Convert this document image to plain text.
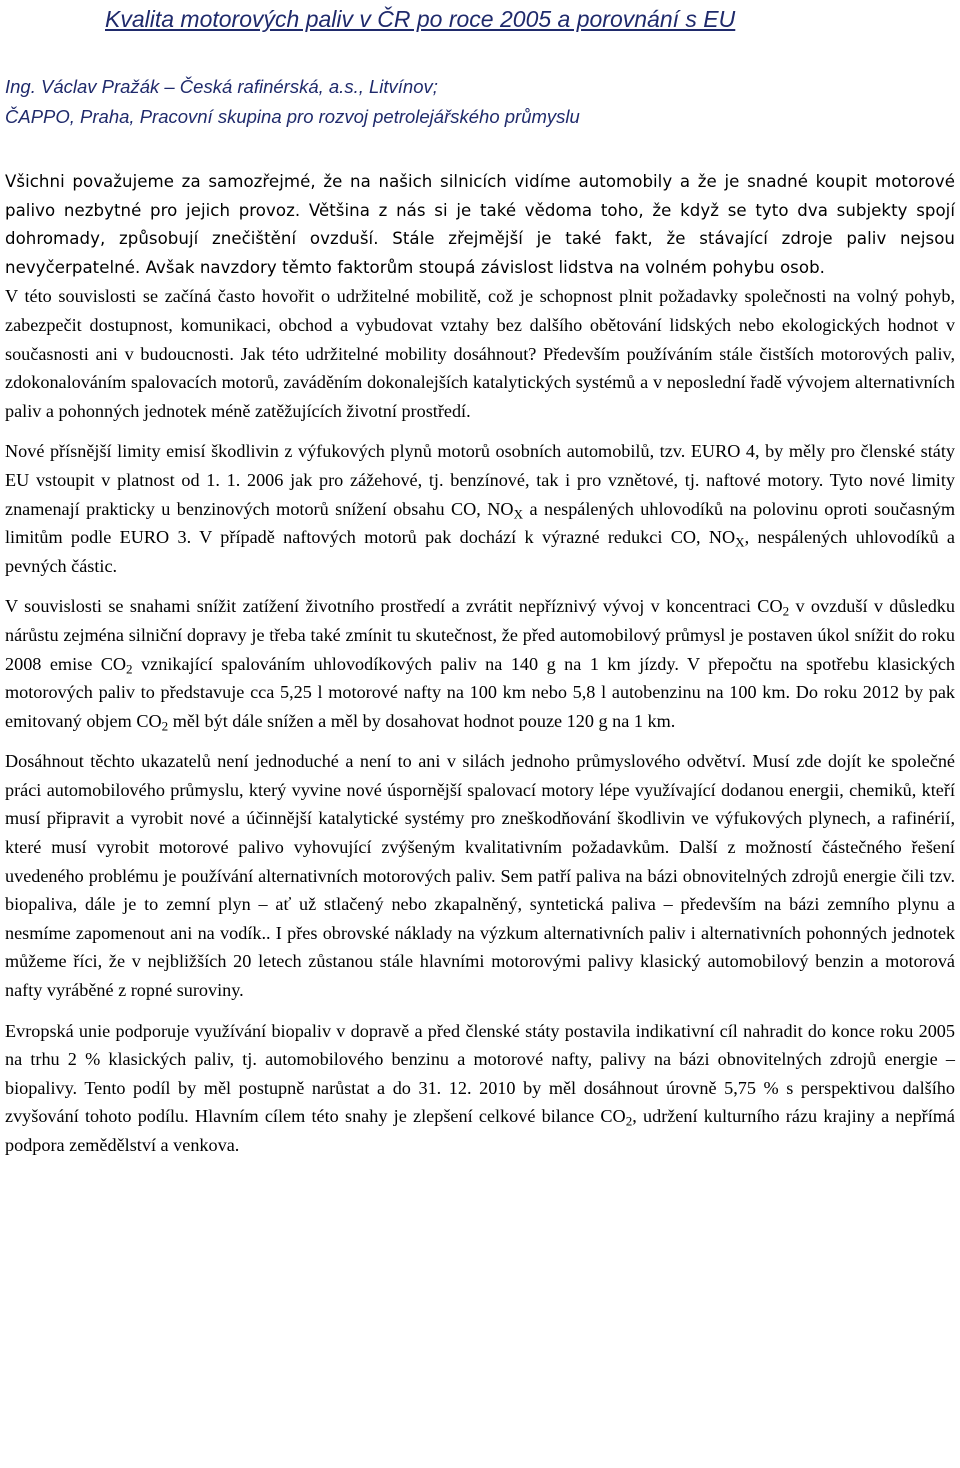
Kvalita motorových paliv v ČR po roce 2005 a porovnání s EU
Ing. Václav Pražák – Česká rafinérská, a.s., Litvínov;
ČAPPO, Praha, Pracovní skupina pro rozvoj petrolejářského průmyslu

Všichni považujeme za samozřejmé, že na našich silnicích vidíme automobily a že je snadné koupit motorové palivo nezbytné pro jejich provoz. Většina z nás si je také vědoma toho, že když se tyto dva subjekty spojí dohromady, způsobují znečištění ovzduší. Stále zřejmější je také fakt, že stávající zdroje paliv nejsou nevyčerpatelné. Avšak navzdory těmto faktorům stoupá závislost lidstva na volném pohybu osob.

V této souvislosti se začíná často hovořit o udržitelné mobilitě, což je schopnost plnit požadavky společnosti na volný pohyb, zabezpečit dostupnost, komunikaci, obchod a vybudovat vztahy bez dalšího obětování lidských nebo ekologických hodnot v současnosti ani v budoucnosti. Jak této udržitelné mobility dosáhnout? Především používáním stále čistších motorových paliv, zdokonalováním spalovacích motorů, zaváděním dokonalejších katalytických systémů a v neposlední řadě vývojem alternativních paliv a pohonných jednotek méně zatěžujících životní prostředí.

Nové přísnější limity emisí škodlivin z výfukových plynů motorů osobních automobilů, tzv. EURO 4, by měly pro členské státy EU vstoupit v platnost od 1. 1. 2006 jak pro zážehové, tj. benzínové, tak i pro vznětové, tj. naftové motory. Tyto nové limity znamenají prakticky u benzinových motorů snížení obsahu CO, $NO_X$ a nespálených uhlovodíků na polovinu oproti současným limitům podle EURO 3. V případě naftových motorů pak dochází k výrazné redukci CO, $NO_X$, nespálených uhlovodíků a pevných částic.

V souvislosti se snahami snížit zatížení životního prostředí a zvrátit nepříznivý vývoj v koncentraci $CO_2$ v ovzduší v důsledku nárůstu zejména silniční dopravy je třeba také zmínit tu skutečnost, že před automobilový průmysl je postaven úkol snížit do roku 2008 emise $CO_2$ vznikající spalováním uhlovodíkových paliv na 140 g na 1 km jízdy. V přepočtu na spotřebu klasických motorových paliv to představuje cca 5,25 l motorové nafty na 100 km nebo 5,8 l autobenzinu na 100 km. Do roku 2012 by pak emitovaný objem $CO_2$ měl být dále snížen a měl by dosahovat hodnot pouze 120 g na 1 km.

Dosáhnout těchto ukazatelů není jednoduché a není to ani v silách jednoho průmyslového odvětví. Musí zde dojít ke společné práci automobilového průmyslu, který vyvine nové úspornější spalovací motory lépe využívající dodanou energii, chemiků, kteří musí připravit a vyrobit nové a účinnější katalytické systémy pro zneškodňování škodlivin ve výfukových plynech, a rafinérií, které musí vyrobit motorové palivo vyhovující zvýšeným kvalitativním požadavkům. Další z možností částečného řešení uvedeného problému je používání alternativních motorových paliv. Sem patří paliva na bázi obnovitelných zdrojů energie čili tzv. biopaliva, dále je to zemní plyn – ať už stlačený nebo zkapalněný, syntetická paliva – především na bázi zemního plynu a nesmíme zapomenout ani na vodík.. I přes obrovské náklady na výzkum alternativních paliv i alternativních pohonných jednotek můžeme říci, že v nejbližších 20 letech zůstanou stále hlavními motorovými palivy klasický automobilový benzin a motorová nafty vyráběné z ropné suroviny.

Evropská unie podporuje využívání biopaliv v dopravě a před členské státy postavila indikativní cíl nahradit do konce roku 2005 na trhu 2 % klasických paliv, tj. automobilového benzinu a motorové nafty, palivy na bázi obnovitelných zdrojů energie – biopalivy. Tento podíl by měl postupně narůstat a do 31. 12. 2010 by měl dosáhnout úrovně 5,75 % s perspektivou dalšího zvyšování tohoto podílu. Hlavním cílem této snahy je zlepšení celkové bilance $CO_2$, udržení kulturního rázu krajiny a nepřímá podpora zemědělství a venkova.
